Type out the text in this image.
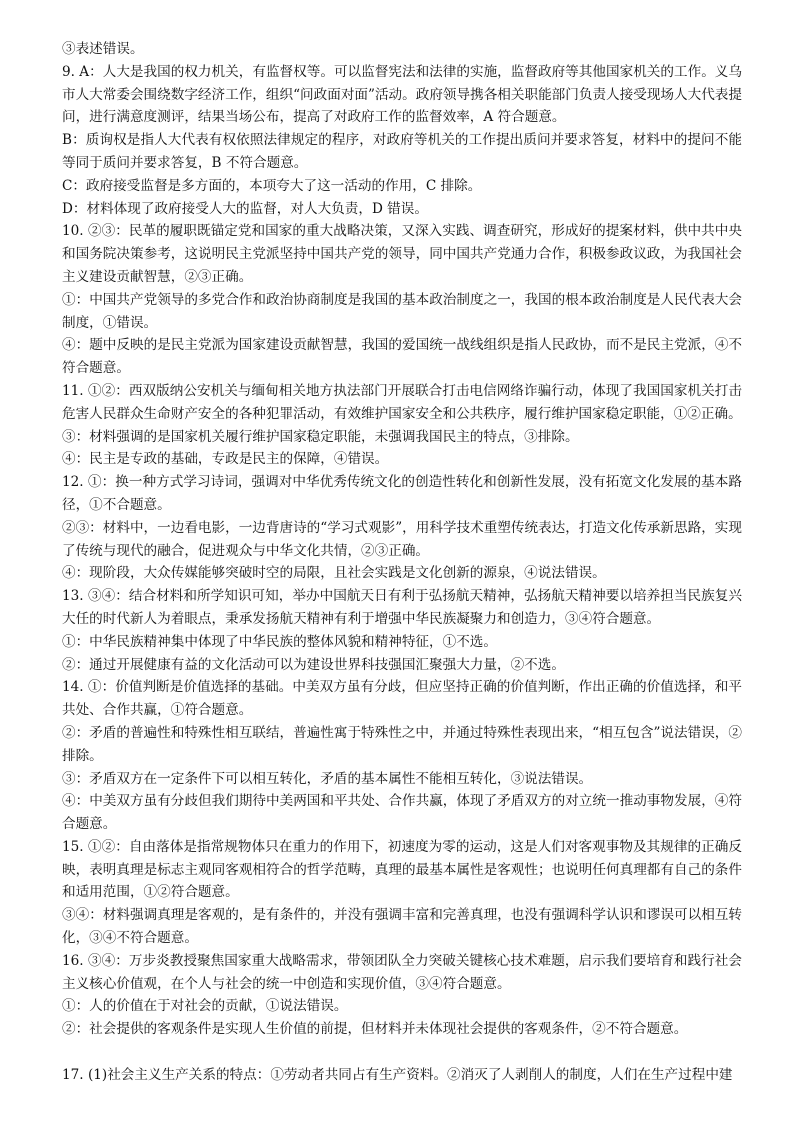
③表述错误。

9. A：人大是我国的权力机关，有监督权等。可以监督宪法和法律的实施，监督政府等其他国家机关的工作。义乌市人大常委会围绕数字经济工作，组织“问政面对面”活动。政府领导携各相关职能部门负责人接受现场人大代表提问，进行满意度测评，结果当场公布，提高了对政府工作的监督效率，A 符合题意。

B：质询权是指人大代表有权依照法律规定的程序，对政府等机关的工作提出质问并要求答复，材料中的提问不能等同于质问并要求答复，B 不符合题意。

C：政府接受监督是多方面的，本项夸大了这一活动的作用，C 排除。

D：材料体现了政府接受人大的监督，对人大负责，D 错误。

10. ②③：民革的履职既锚定党和国家的重大战略决策，又深入实践、调查研究，形成好的提案材料，供中共中央和国务院决策参考，这说明民主党派坚持中国共产党的领导，同中国共产党通力合作，积极参政议政，为我国社会主义建设贡献智慧，②③正确。

①：中国共产党领导的多党合作和政治协商制度是我国的基本政治制度之一，我国的根本政治制度是人民代表大会制度，①错误。

④：题中反映的是民主党派为国家建设贡献智慧，我国的爱国统一战线组织是指人民政协，而不是民主党派，④不符合题意。

11. ①②：西双版纳公安机关与缅甸相关地方执法部门开展联合打击电信网络诈骗行动，体现了我国国家机关打击危害人民群众生命财产安全的各种犯罪活动，有效维护国家安全和公共秩序，履行维护国家稳定职能，①②正确。

③：材料强调的是国家机关履行维护国家稳定职能，未强调我国民主的特点，③排除。

④：民主是专政的基础，专政是民主的保障，④错误。

12. ①：换一种方式学习诗词，强调对中华优秀传统文化的创造性转化和创新性发展，没有拓宽文化发展的基本路径，①不合题意。

②③：材料中，一边看电影，一边背唐诗的“学习式观影”，用科学技术重塑传统表达，打造文化传承新思路，实现了传统与现代的融合，促进观众与中华文化共情，②③正确。

④：现阶段，大众传媒能够突破时空的局限，且社会实践是文化创新的源泉，④说法错误。

13. ③④：结合材料和所学知识可知，举办中国航天日有利于弘扬航天精神，弘扬航天精神要以培养担当民族复兴大任的时代新人为着眼点，秉承发扬航天精神有利于增强中华民族凝聚力和创造力，③④符合题意。

①：中华民族精神集中体现了中华民族的整体风貌和精神特征，①不选。

②：通过开展健康有益的文化活动可以为建设世界科技强国汇聚强大力量，②不选。

14. ①：价值判断是价值选择的基础。中美双方虽有分歧，但应坚持正确的价值判断，作出正确的价值选择，和平共处、合作共赢，①符合题意。

②：矛盾的普遍性和特殊性相互联结，普遍性寓于特殊性之中，并通过特殊性表现出来，“相互包含”说法错误，②排除。

③：矛盾双方在一定条件下可以相互转化，矛盾的基本属性不能相互转化，③说法错误。

④：中美双方虽有分歧但我们期待中美两国和平共处、合作共赢，体现了矛盾双方的对立统一推动事物发展，④符合题意。

15. ①②：自由落体是指常规物体只在重力的作用下，初速度为零的运动，这是人们对客观事物及其规律的正确反映，表明真理是标志主观同客观相符合的哲学范畴，真理的最基本属性是客观性；也说明任何真理都有自己的条件和适用范围，①②符合题意。

③④：材料强调真理是客观的，是有条件的，并没有强调丰富和完善真理，也没有强调科学认识和谬误可以相互转化，③④不符合题意。

16. ③④：万步炎教授聚焦国家重大战略需求，带领团队全力突破关键核心技术难题，启示我们要培育和践行社会主义核心价值观，在个人与社会的统一中创造和实现价值，③④符合题意。

①：人的价值在于对社会的贡献，①说法错误。

②：社会提供的客观条件是实现人生价值的前提，但材料并未体现社会提供的客观条件，②不符合题意。

17. (1)社会主义生产关系的特点：①劳动者共同占有生产资料。②消灭了人剥削人的制度，人们在生产过程中建
